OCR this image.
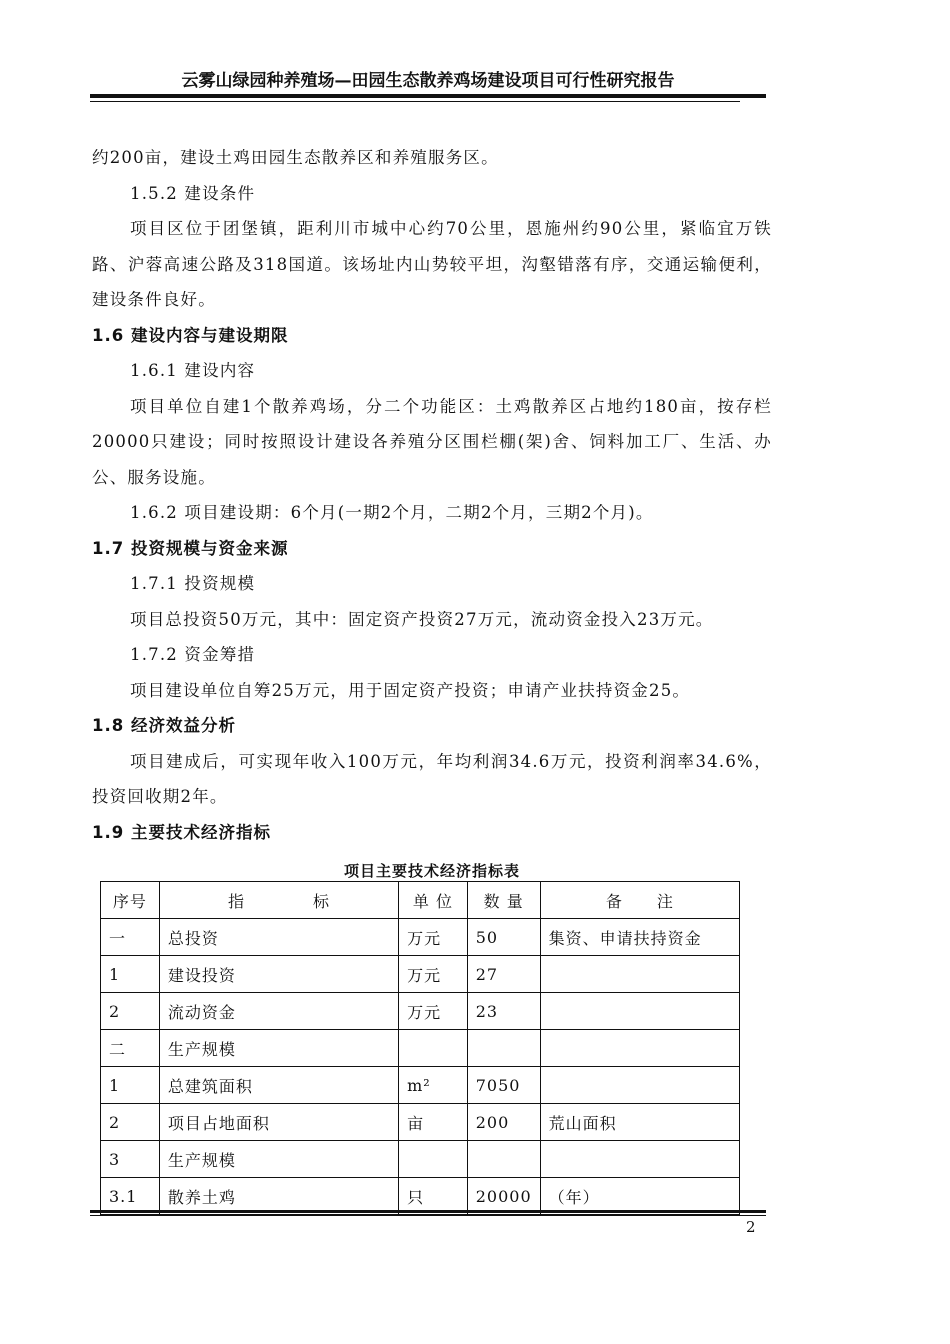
云雾山绿园种养殖场—田园生态散养鸡场建设项目可行性研究报告

约200亩，建设土鸡田园生态散养区和养殖服务区。

1.5.2 建设条件

项目区位于团堡镇，距利川市城中心约70公里，恩施州约90公里，紧临宜万铁路、沪蓉高速公路及318国道。该场址内山势较平坦，沟壑错落有序，交通运输便利，建设条件良好。

1.6 建设内容与建设期限

1.6.1 建设内容

项目单位自建1个散养鸡场，分二个功能区：土鸡散养区占地约180亩，按存栏20000只建设；同时按照设计建设各养殖分区围栏棚(架)舍、饲料加工厂、生活、办公、服务设施。

1.6.2 项目建设期：6个月(一期2个月，二期2个月，三期2个月)。

1.7 投资规模与资金来源

1.7.1 投资规模

项目总投资50万元，其中：固定资产投资27万元，流动资金投入23万元。

1.7.2 资金筹措

项目建设单位自筹25万元，用于固定资产投资；申请产业扶持资金25。

1.8 经济效益分析

项目建成后，可实现年收入100万元，年均利润34.6万元，投资利润率34.6%，投资回收期2年。

1.9 主要技术经济指标

项目主要技术经济指标表
序号	指　　　　标	单 位	数 量	备　　注
一	总投资	万元	50	集资、申请扶持资金
1	建设投资	万元	27	
2	流动资金	万元	23	
二	生产规模			
1	总建筑面积	m²	7050	
2	项目占地面积	亩	200	荒山面积
3	生产规模			
3.1	散养土鸡	只	20000	（年）
2
